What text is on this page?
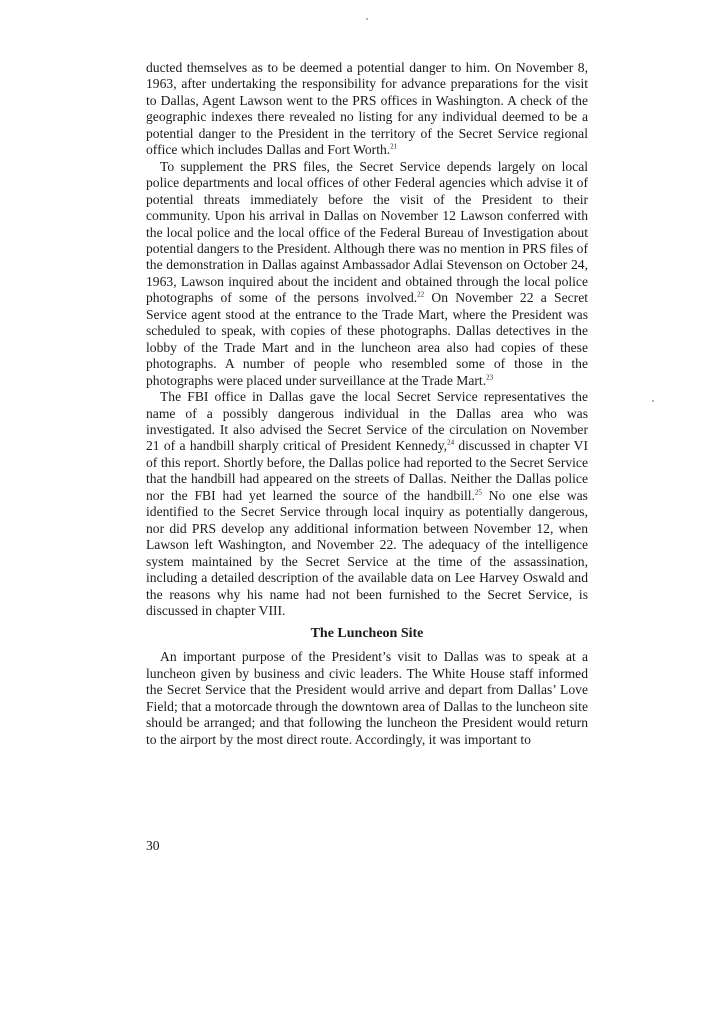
ducted themselves as to be deemed a potential danger to him. On November 8, 1963, after undertaking the responsibility for advance preparations for the visit to Dallas, Agent Lawson went to the PRS offices in Washington. A check of the geographic indexes there revealed no listing for any individual deemed to be a potential danger to the President in the territory of the Secret Service regional office which includes Dallas and Fort Worth.$^{21}$

To supplement the PRS files, the Secret Service depends largely on local police departments and local offices of other Federal agencies which advise it of potential threats immediately before the visit of the President to their community. Upon his arrival in Dallas on November 12 Lawson conferred with the local police and the local office of the Federal Bureau of Investigation about potential dangers to the President. Although there was no mention in PRS files of the demonstration in Dallas against Ambassador Adlai Stevenson on October 24, 1963, Lawson inquired about the incident and obtained through the local police photographs of some of the persons involved.$^{22}$ On November 22 a Secret Service agent stood at the entrance to the Trade Mart, where the President was scheduled to speak, with copies of these photographs. Dallas detectives in the lobby of the Trade Mart and in the luncheon area also had copies of these photographs. A number of people who resembled some of those in the photographs were placed under surveillance at the Trade Mart.$^{23}$

The FBI office in Dallas gave the local Secret Service representatives the name of a possibly dangerous individual in the Dallas area who was investigated. It also advised the Secret Service of the circulation on November 21 of a handbill sharply critical of President Kennedy,$^{24}$ discussed in chapter VI of this report. Shortly before, the Dallas police had reported to the Secret Service that the handbill had appeared on the streets of Dallas. Neither the Dallas police nor the FBI had yet learned the source of the handbill.$^{25}$ No one else was identified to the Secret Service through local inquiry as potentially dangerous, nor did PRS develop any additional information between November 12, when Lawson left Washington, and November 22. The adequacy of the intelligence system maintained by the Secret Service at the time of the assassination, including a detailed description of the available data on Lee Harvey Oswald and the reasons why his name had not been furnished to the Secret Service, is discussed in chapter VIII.

The Luncheon Site

An important purpose of the President’s visit to Dallas was to speak at a luncheon given by business and civic leaders. The White House staff informed the Secret Service that the President would arrive and depart from Dallas’ Love Field; that a motorcade through the downtown area of Dallas to the luncheon site should be arranged; and that following the luncheon the President would return to the airport by the most direct route. Accordingly, it was important to

30
